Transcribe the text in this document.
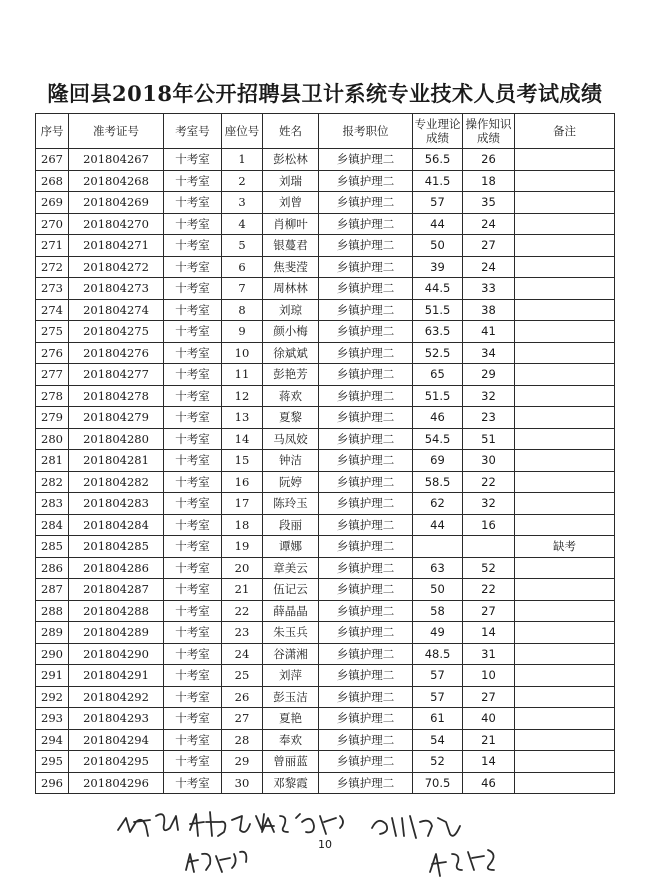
隆回县2018年公开招聘县卫计系统专业技术人员考试成绩
序号	准考证号	考室号	座位号	姓名	报考职位	专业理论成绩	操作知识成绩	备注
267	201804267	十考室	1	彭松林	乡镇护理二	56.5	26	
268	201804268	十考室	2	刘瑞	乡镇护理二	41.5	18	
269	201804269	十考室	3	刘曾	乡镇护理二	57	35	
270	201804270	十考室	4	肖柳叶	乡镇护理二	44	24	
271	201804271	十考室	5	银蔓君	乡镇护理二	50	27	
272	201804272	十考室	6	焦斐滢	乡镇护理二	39	24	
273	201804273	十考室	7	周林林	乡镇护理二	44.5	33	
274	201804274	十考室	8	刘琼	乡镇护理二	51.5	38	
275	201804275	十考室	9	颜小梅	乡镇护理二	63.5	41	
276	201804276	十考室	10	徐斌斌	乡镇护理二	52.5	34	
277	201804277	十考室	11	彭艳芳	乡镇护理二	65	29	
278	201804278	十考室	12	蒋欢	乡镇护理二	51.5	32	
279	201804279	十考室	13	夏黎	乡镇护理二	46	23	
280	201804280	十考室	14	马凤姣	乡镇护理二	54.5	51	
281	201804281	十考室	15	钟洁	乡镇护理二	69	30	
282	201804282	十考室	16	阮婷	乡镇护理二	58.5	22	
283	201804283	十考室	17	陈玲玉	乡镇护理二	62	32	
284	201804284	十考室	18	段丽	乡镇护理二	44	16	
285	201804285	十考室	19	谭娜	乡镇护理二			缺考
286	201804286	十考室	20	章美云	乡镇护理二	63	52	
287	201804287	十考室	21	伍记云	乡镇护理二	50	22	
288	201804288	十考室	22	薛晶晶	乡镇护理二	58	27	
289	201804289	十考室	23	朱玉兵	乡镇护理二	49	14	
290	201804290	十考室	24	谷潇湘	乡镇护理二	48.5	31	
291	201804291	十考室	25	刘萍	乡镇护理二	57	10	
292	201804292	十考室	26	彭玉洁	乡镇护理二	57	27	
293	201804293	十考室	27	夏艳	乡镇护理二	61	40	
294	201804294	十考室	28	奉欢	乡镇护理二	54	21	
295	201804295	十考室	29	曾丽蓝	乡镇护理二	52	14	
296	201804296	十考室	30	邓黎霞	乡镇护理二	70.5	46	
10
